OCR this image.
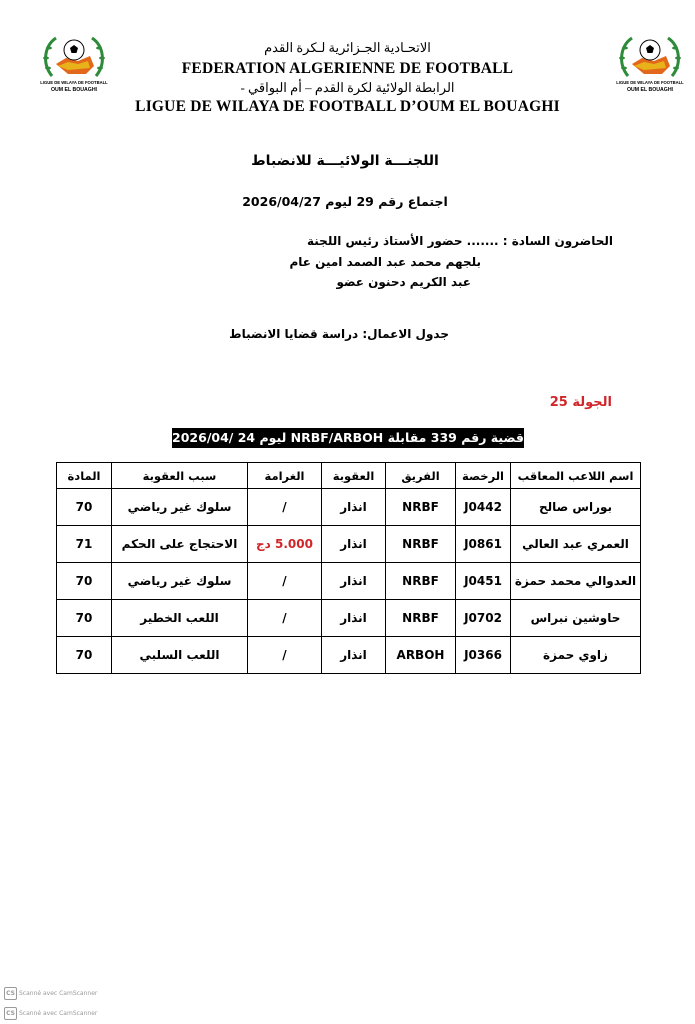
LIGUE DE WILAYA DE FOOTBALL
OUM EL BOUAGHI
LIGUE DE WILAYA DE FOOTBALL
OUM EL BOUAGHI
الاتحـادية الجـزائرية لـكرة القدم
FEDERATION ALGERIENNE DE FOOTBALL
الرابطة الولائية لكرة القدم – أم البواقي -
LIGUE DE WILAYA DE FOOTBALL D’OUM EL BOUAGHI
اللجنـــة الولائيـــة للانضباط
اجتماع رقم 29 ليوم 2026/04/27
الحاضرون السادة : ....... حضور الأستاذ رئيس اللجنة
بلجهم محمد عبد الصمد امين عام
عبد الكريم دحنون عضو
جدول الاعمال: دراسة قضايا الانضباط
الجولة 25
قضية رقم 339 مقابلة NRBF/ARBOH ليوم 24 /2026/04
المادة	سبب العقوبة	الغرامة	العقوبة	الفريق	الرخصة	اسم اللاعب المعاقب
70	سلوك غير رياضي	/	انذار	NRBF	J0442	بوراس صالح
71	الاحتجاج على الحكم	5.000 دج	انذار	NRBF	J0861	العمري عبد العالي
70	سلوك غير رياضي	/	انذار	NRBF	J0451	العدوالي محمد حمزة
70	اللعب الخطير	/	انذار	NRBF	J0702	حاوشين نبراس
70	اللعب السلبي	/	انذار	ARBOH	J0366	زاوي حمزة
CS Scanné avec CamScanner
CS Scanné avec CamScanner
